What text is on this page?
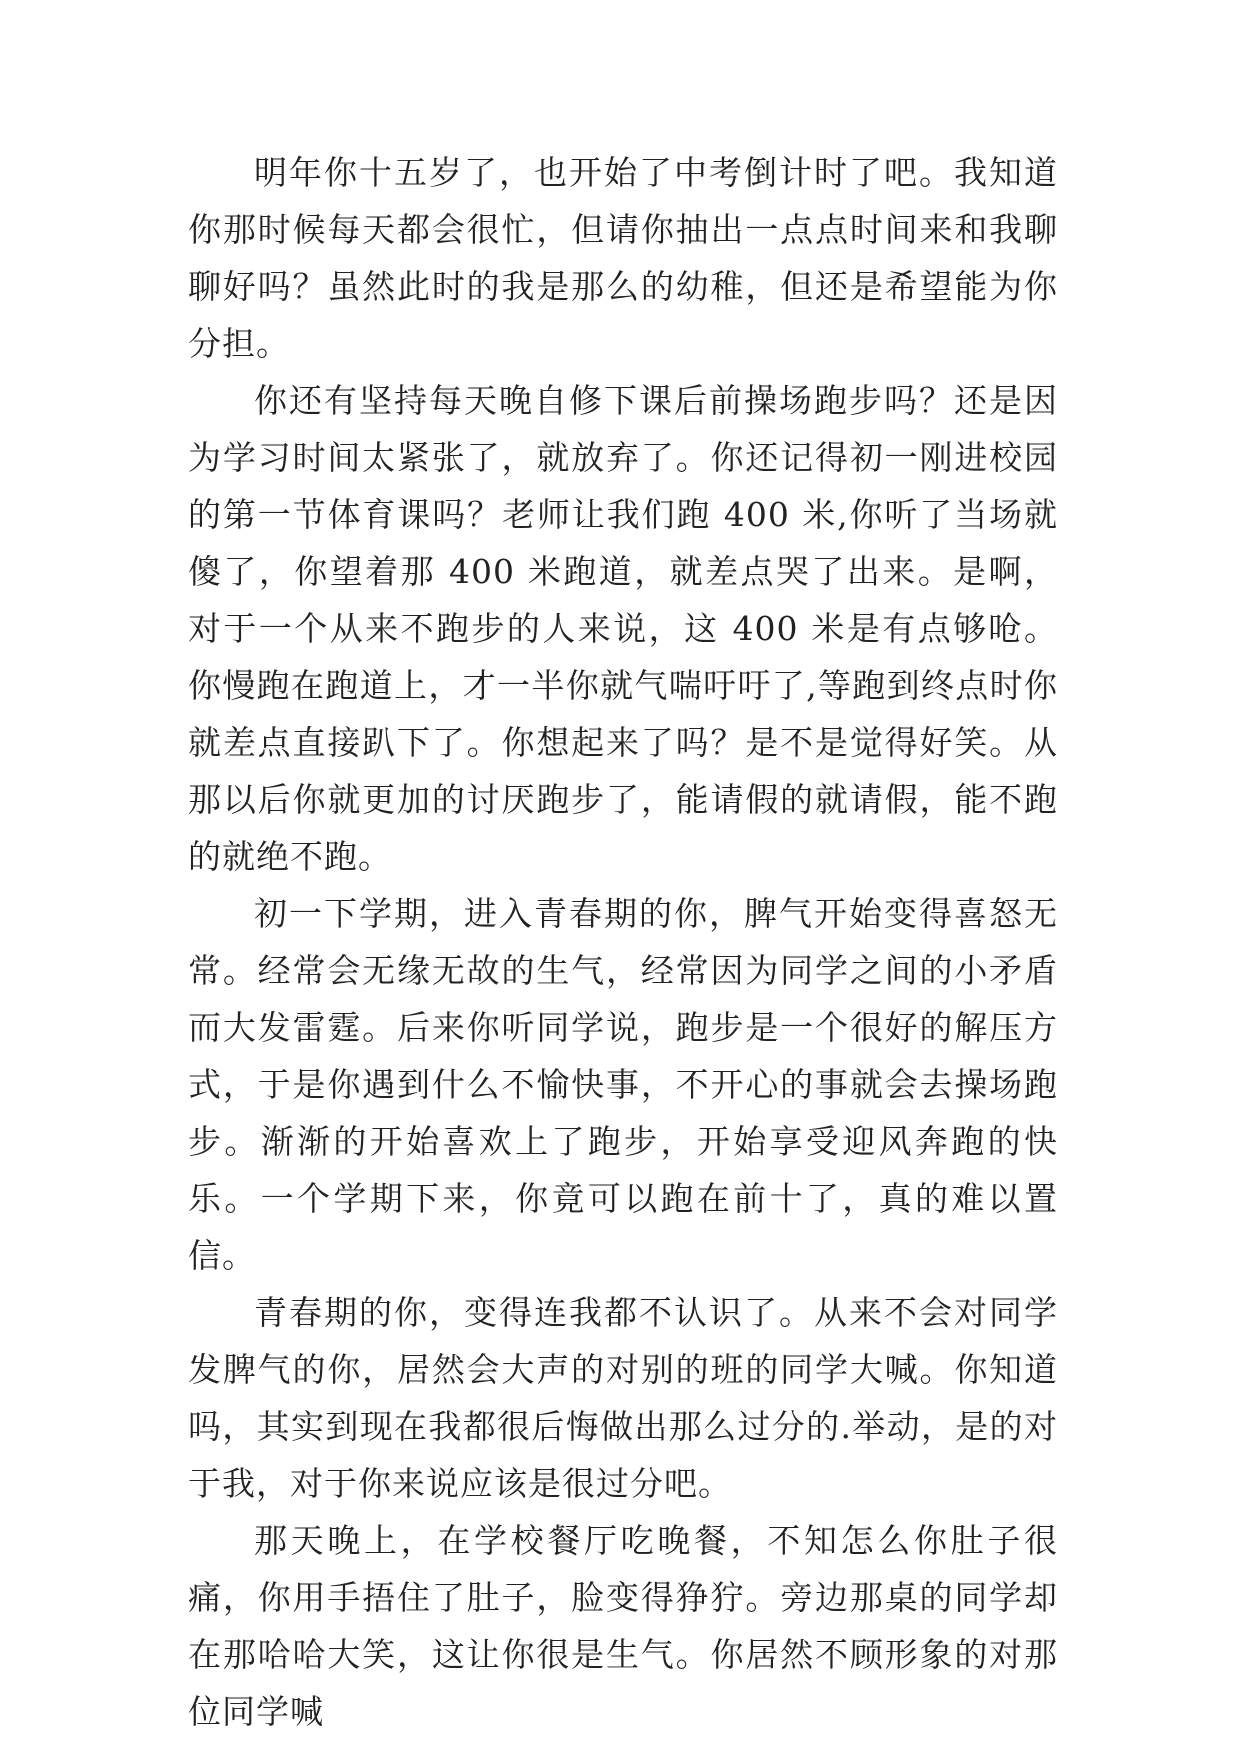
明年你十五岁了，也开始了中考倒计时了吧。我知道你那时候每天都会很忙，但请你抽出一点点时间来和我聊聊好吗？虽然此时的我是那么的幼稚，但还是希望能为你分担。

你还有坚持每天晚自修下课后前操场跑步吗？还是因为学习时间太紧张了，就放弃了。你还记得初一刚进校园的第一节体育课吗？老师让我们跑 400 米,你听了当场就傻了，你望着那 400 米跑道，就差点哭了出来。是啊，对于一个从来不跑步的人来说，这 400 米是有点够呛。你慢跑在跑道上，才一半你就气喘吁吁了,等跑到终点时你就差点直接趴下了。你想起来了吗？是不是觉得好笑。从那以后你就更加的讨厌跑步了，能请假的就请假，能不跑的就绝不跑。

初一下学期，进入青春期的你，脾气开始变得喜怒无常。经常会无缘无故的生气，经常因为同学之间的小矛盾而大发雷霆。后来你听同学说，跑步是一个很好的解压方式，于是你遇到什么不愉快事，不开心的事就会去操场跑步。渐渐的开始喜欢上了跑步，开始享受迎风奔跑的快乐。一个学期下来，你竟可以跑在前十了，真的难以置信。

青春期的你，变得连我都不认识了。从来不会对同学发脾气的你，居然会大声的对别的班的同学大喊。你知道吗，其实到现在我都很后悔做出那么过分的.举动，是的对于我，对于你来说应该是很过分吧。

那天晚上，在学校餐厅吃晚餐，不知怎么你肚子很痛，你用手捂住了肚子，脸变得狰狞。旁边那桌的同学却在那哈哈大笑，这让你很是生气。你居然不顾形象的对那位同学喊
